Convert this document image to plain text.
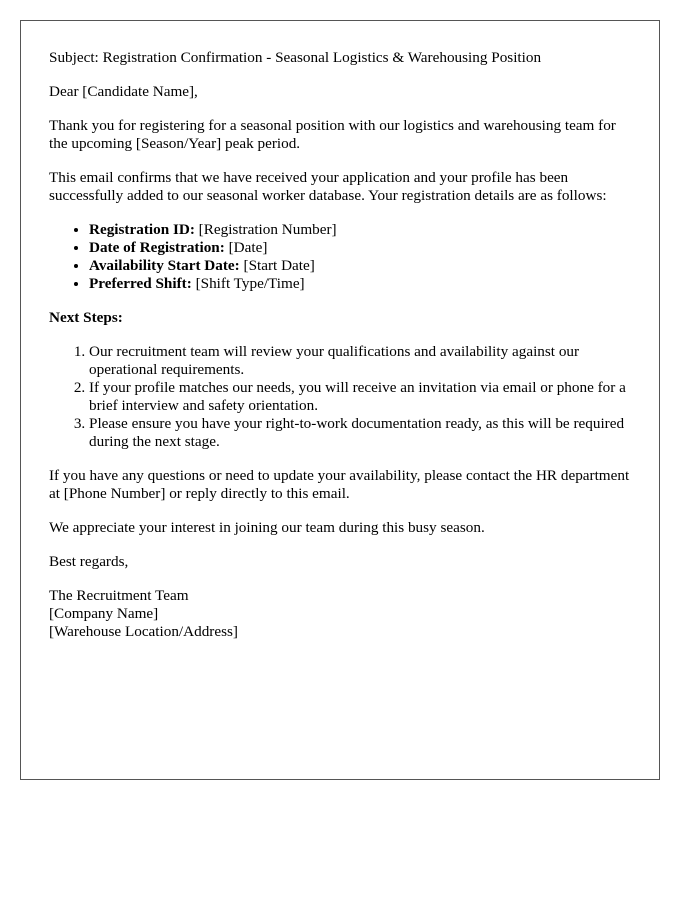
Subject: Registration Confirmation - Seasonal Logistics & Warehousing Position

Dear [Candidate Name],

Thank you for registering for a seasonal position with our logistics and warehousing team for the upcoming [Season/Year] peak period.

This email confirms that we have received your application and your profile has been successfully added to our seasonal worker database. Your registration details are as follows:

• Registration ID: [Registration Number]
• Date of Registration: [Date]
• Availability Start Date: [Start Date]
• Preferred Shift: [Shift Type/Time]

Next Steps:

1. Our recruitment team will review your qualifications and availability against our operational requirements.
2. If your profile matches our needs, you will receive an invitation via email or phone for a brief interview and safety orientation.
3. Please ensure you have your right-to-work documentation ready, as this will be required during the next stage.

If you have any questions or need to update your availability, please contact the HR department at [Phone Number] or reply directly to this email.

We appreciate your interest in joining our team during this busy season.

Best regards,

The Recruitment Team
[Company Name]
[Warehouse Location/Address]
